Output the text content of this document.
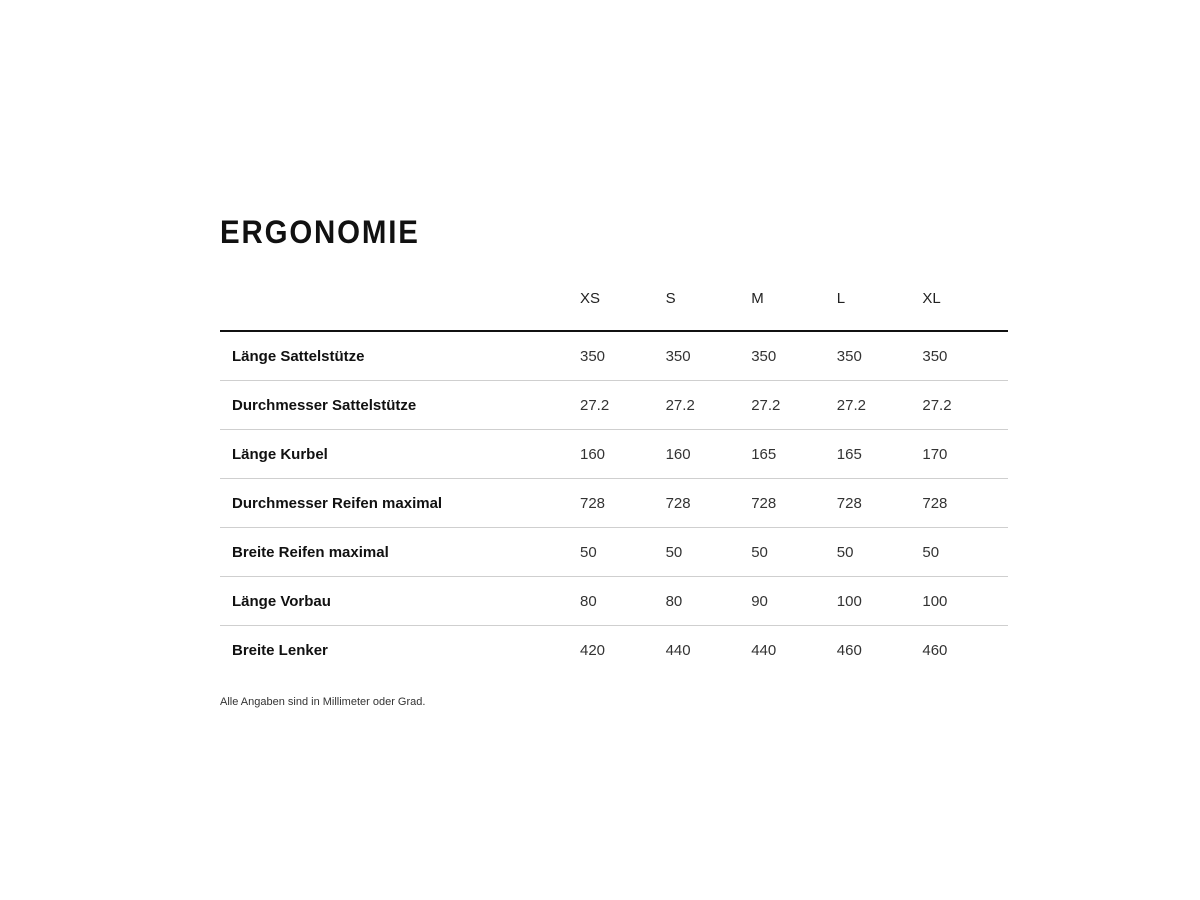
ERGONOMIE
	XS	S	M	L	XL
Länge Sattelstütze	350	350	350	350	350
Durchmesser Sattelstütze	27.2	27.2	27.2	27.2	27.2
Länge Kurbel	160	160	165	165	170
Durchmesser Reifen maximal	728	728	728	728	728
Breite Reifen maximal	50	50	50	50	50
Länge Vorbau	80	80	90	100	100
Breite Lenker	420	440	440	460	460
Alle Angaben sind in Millimeter oder Grad.
